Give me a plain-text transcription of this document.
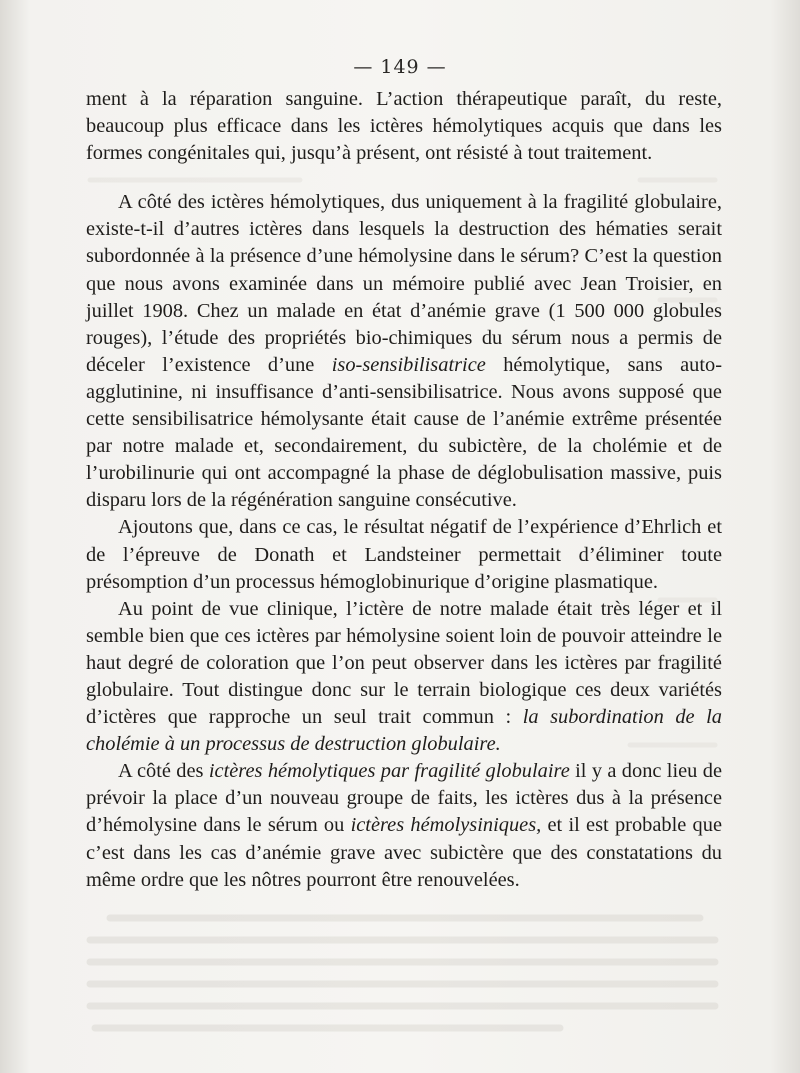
— 149 —

ment à la réparation sanguine. L’action thérapeutique paraît, du reste, beaucoup plus efficace dans les ictères hémolytiques acquis que dans les formes congénitales qui, jusqu’à présent, ont résisté à tout traitement.

A côté des ictères hémolytiques, dus uniquement à la fragilité globulaire, existe-t-il d’autres ictères dans lesquels la destruction des hématies serait subordonnée à la présence d’une hémolysine dans le sérum? C’est la question que nous avons examinée dans un mémoire publié avec Jean Troisier, en juillet 1908. Chez un malade en état d’anémie grave (1 500 000 globules rouges), l’étude des propriétés bio-chimiques du sérum nous a permis de déceler l’existence d’une iso-sensibilisatrice hémolytique, sans auto-agglutinine, ni insuffisance d’anti-sensibilisatrice. Nous avons supposé que cette sensibilisatrice hémolysante était cause de l’anémie extrême présentée par notre malade et, secondairement, du subictère, de la cholémie et de l’urobilinurie qui ont accompagné la phase de déglobulisation massive, puis disparu lors de la régénération sanguine consécutive.

Ajoutons que, dans ce cas, le résultat négatif de l’expérience d’Ehrlich et de l’épreuve de Donath et Landsteiner permettait d’éliminer toute présomption d’un processus hémoglobinurique d’origine plasmatique.

Au point de vue clinique, l’ictère de notre malade était très léger et il semble bien que ces ictères par hémolysine soient loin de pouvoir atteindre le haut degré de coloration que l’on peut observer dans les ictères par fragilité globulaire. Tout distingue donc sur le terrain biologique ces deux variétés d’ictères que rapproche un seul trait commun : la subordination de la cholémie à un processus de destruction globulaire.

A côté des ictères hémolytiques par fragilité globulaire il y a donc lieu de prévoir la place d’un nouveau groupe de faits, les ictères dus à la présence d’hémolysine dans le sérum ou ictères hémolysiniques, et il est probable que c’est dans les cas d’anémie grave avec subictère que des constatations du même ordre que les nôtres pourront être renouvelées.
